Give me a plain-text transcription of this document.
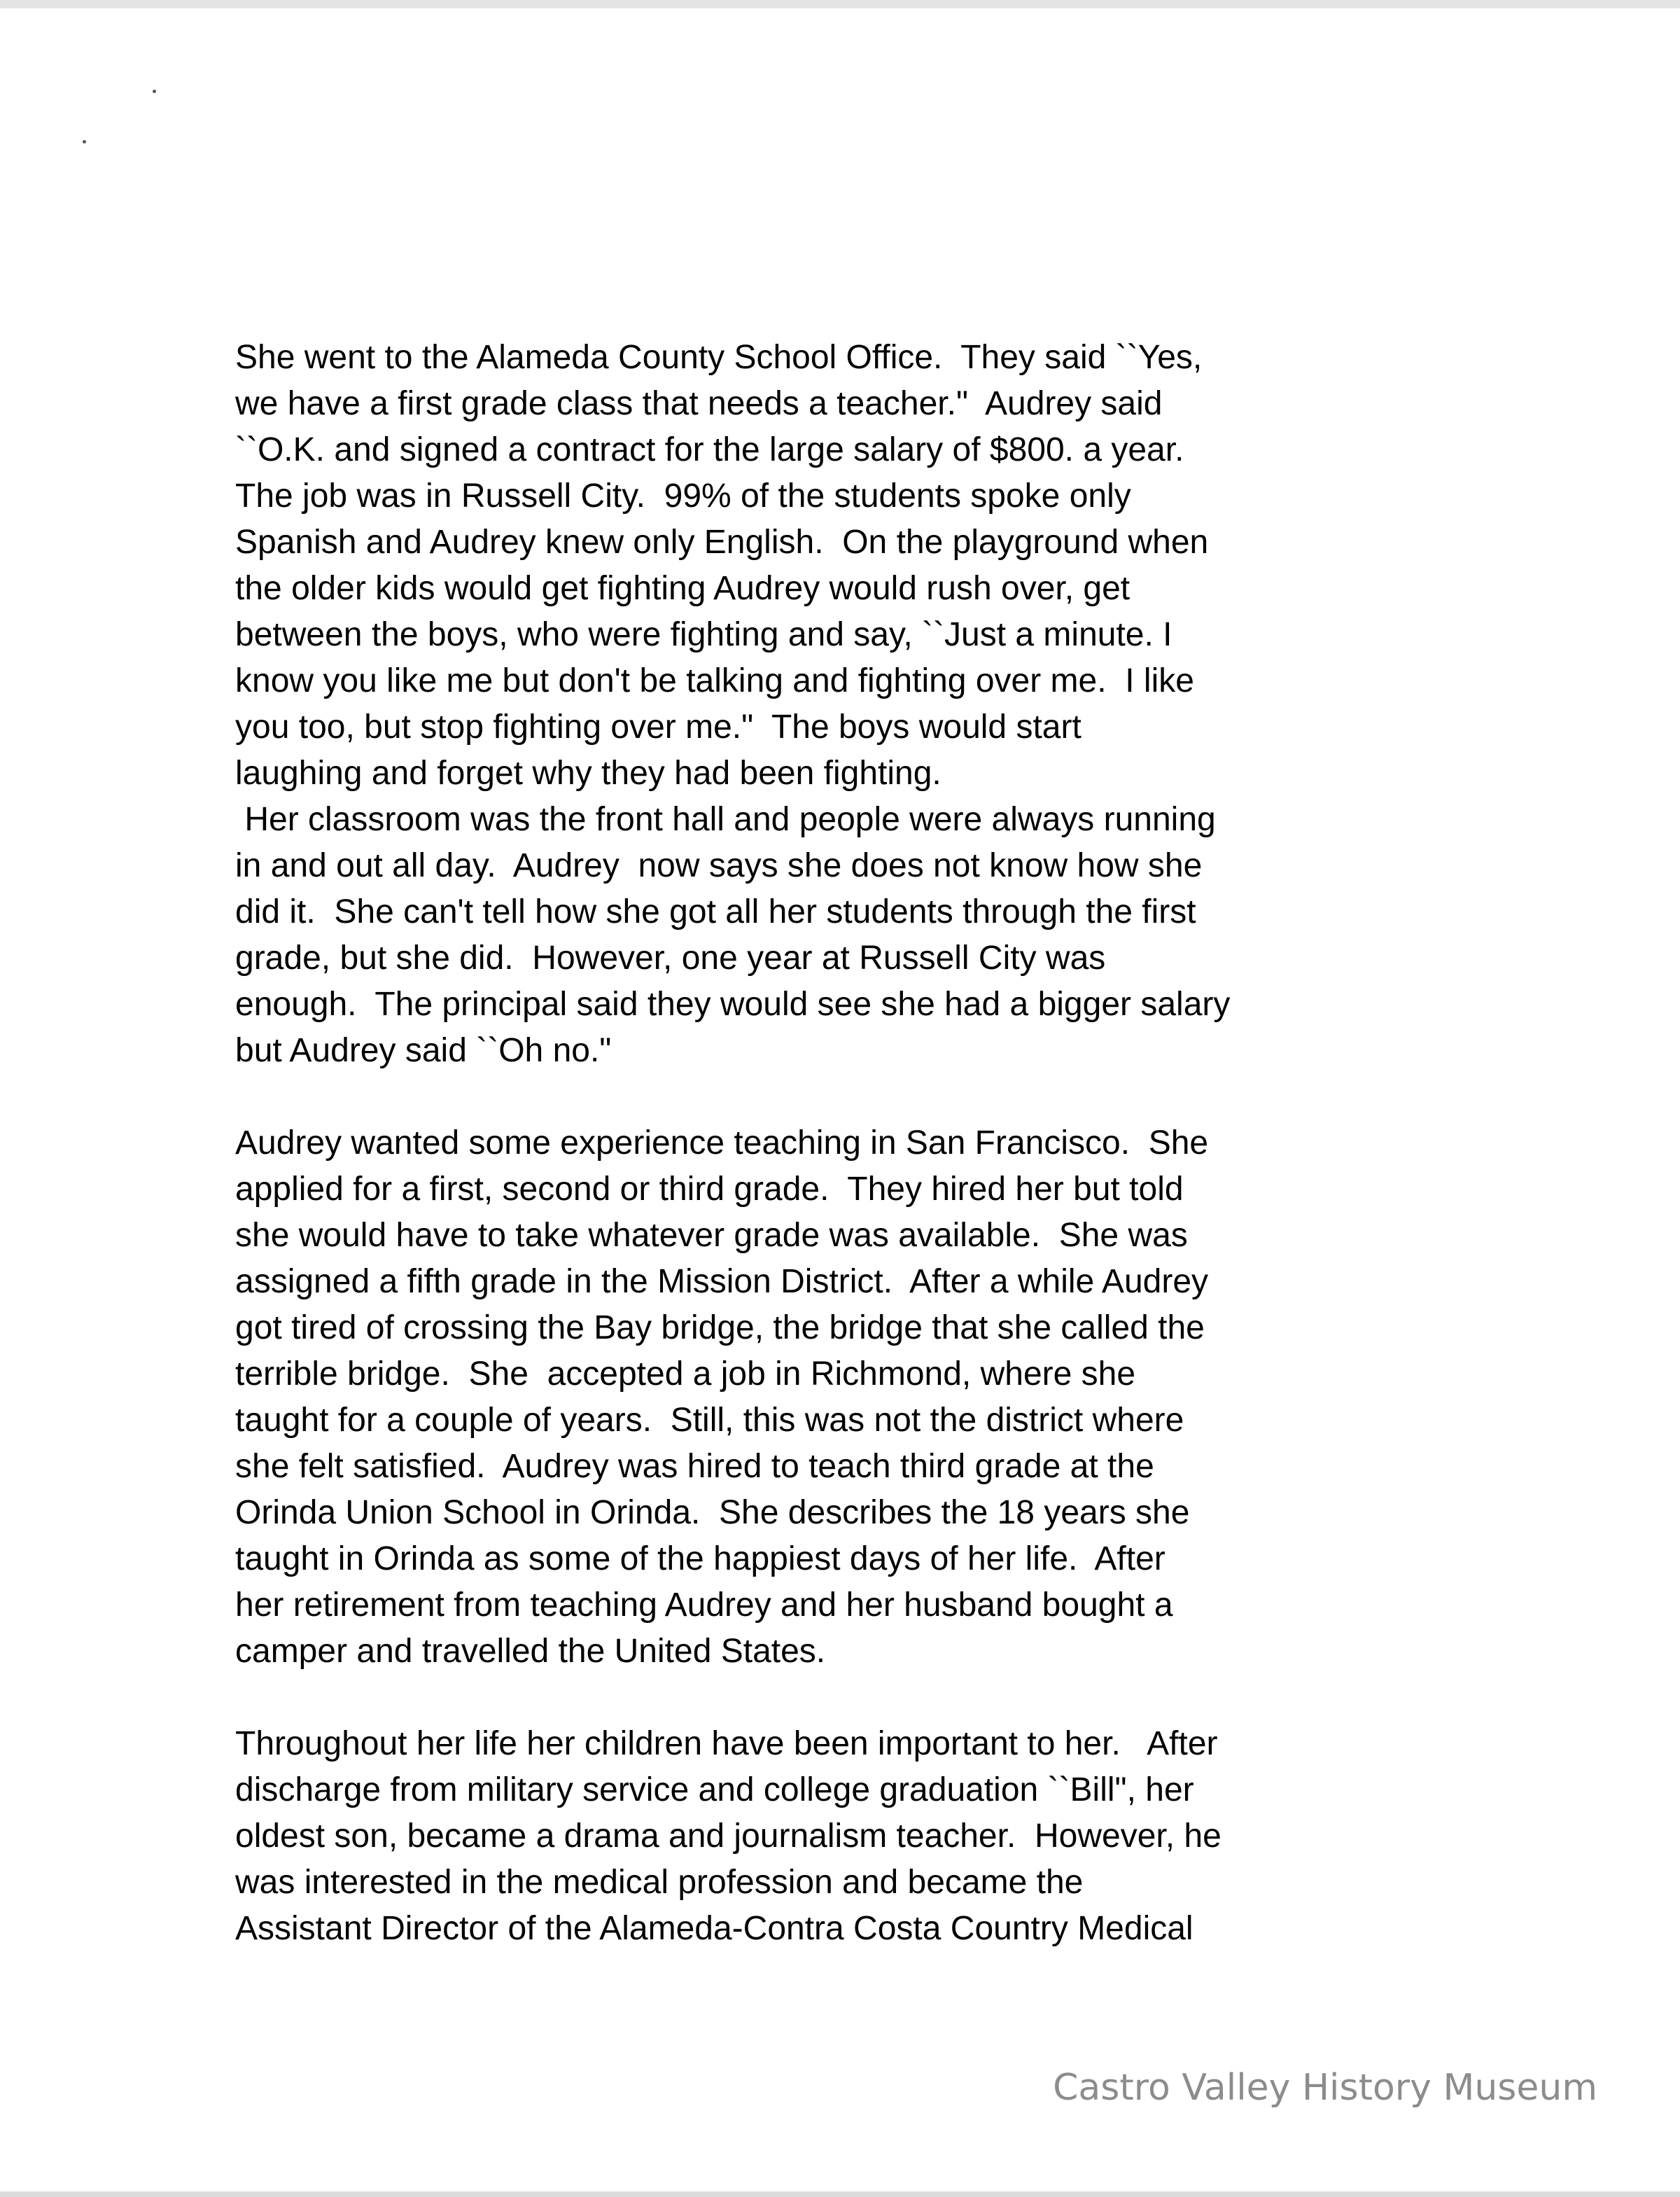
She went to the Alameda County School Office.  They said ``Yes,
we have a first grade class that needs a teacher."  Audrey said
``O.K. and signed a contract for the large salary of $800. a year.
The job was in Russell City.  99% of the students spoke only
Spanish and Audrey knew only English.  On the playground when
the older kids would get fighting Audrey would rush over, get
between the boys, who were fighting and say, ``Just a minute. I
know you like me but don't be talking and fighting over me.  I like
you too, but stop fighting over me."  The boys would start
laughing and forget why they had been fighting.
Her classroom was the front hall and people were always running
in and out all day.  Audrey  now says she does not know how she
did it.  She can't tell how she got all her students through the first
grade, but she did.  However, one year at Russell City was
enough.  The principal said they would see she had a bigger salary
but Audrey said ``Oh no."
Audrey wanted some experience teaching in San Francisco.  She
applied for a first, second or third grade.  They hired her but told
she would have to take whatever grade was available.  She was
assigned a fifth grade in the Mission District.  After a while Audrey
got tired of crossing the Bay bridge, the bridge that she called the
terrible bridge.  She  accepted a job in Richmond, where she
taught for a couple of years.  Still, this was not the district where
she felt satisfied.  Audrey was hired to teach third grade at the
Orinda Union School in Orinda.  She describes the 18 years she
taught in Orinda as some of the happiest days of her life.  After
her retirement from teaching Audrey and her husband bought a
camper and travelled the United States.
Throughout her life her children have been important to her.   After
discharge from military service and college graduation ``Bill", her
oldest son, became a drama and journalism teacher.  However, he
was interested in the medical profession and became the
Assistant Director of the Alameda-Contra Costa Country Medical
Castro Valley History Museum
